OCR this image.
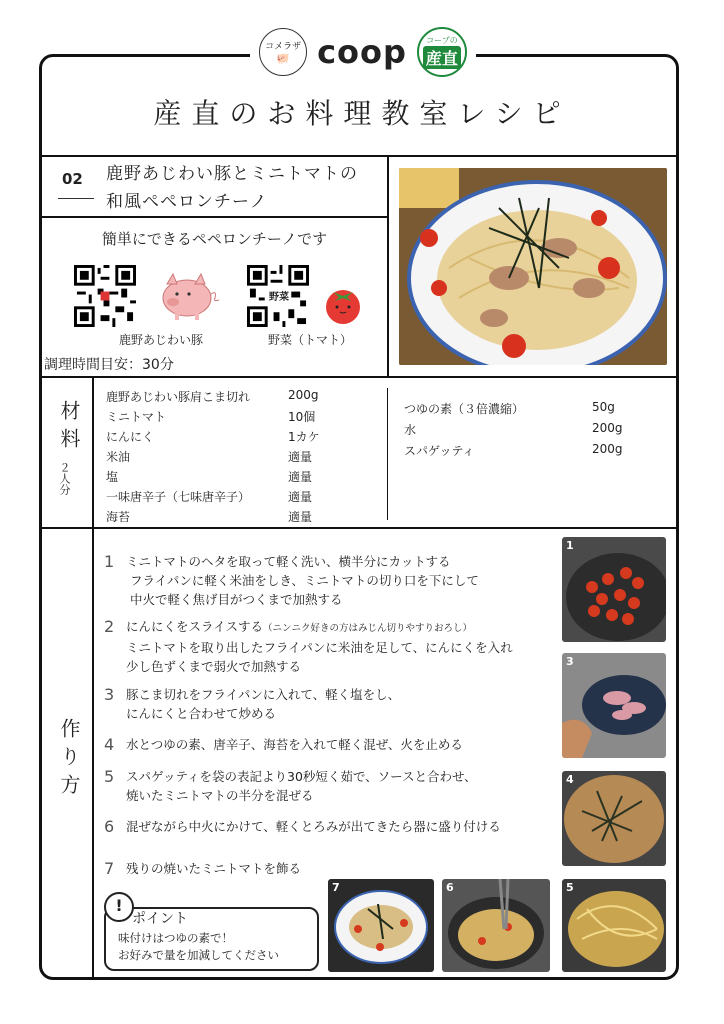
コメラザ
🐖 coop コープの
産直
産直のお料理教室レシピ
02 鹿野あじわい豚とミニトマトの
和風ペペロンチーノ
簡単にできるペペロンチーノです
鹿野あじわい豚
野菜
野菜（トマト）
調理時間目安：30分
材料
２人分
鹿野あじわい豚肩こま切れ	200g
ミニトマト	10個
にんにく	1カケ
米油	適量
塩	適量
一味唐辛子（七味唐辛子）	適量
海苔	適量
つゆの素（３倍濃縮）	50g
水	200g
スパゲッティ	200g
作り方
1 ミニトマトのヘタを取って軽く洗い、横半分にカットする
フライパンに軽く米油をしき、ミニトマトの切り口を下にして
中火で軽く焦げ目がつくまで加熱する
2 にんにくをスライスする（ニンニク好きの方はみじん切りやすりおろし）
ミニトマトを取り出したフライパンに米油を足して、にんにくを入れ
少し色ずくまで弱火で加熱する
3 豚こま切れをフライパンに入れて、軽く塩をし、
にんにくと合わせて炒める
4 水とつゆの素、唐辛子、海苔を入れて軽く混ぜ、火を止める
5 スパゲッティを袋の表記より30秒短く茹で、ソースと合わせ、
焼いたミニトマトの半分を混ぜる
6 混ぜながら中火にかけて、軽くとろみが出てきたら器に盛り付ける
7 残りの焼いたミニトマトを飾る
1
3
4
5
6
7
!
ポイント
味付けはつゆの素で！
お好みで量を加減してください
